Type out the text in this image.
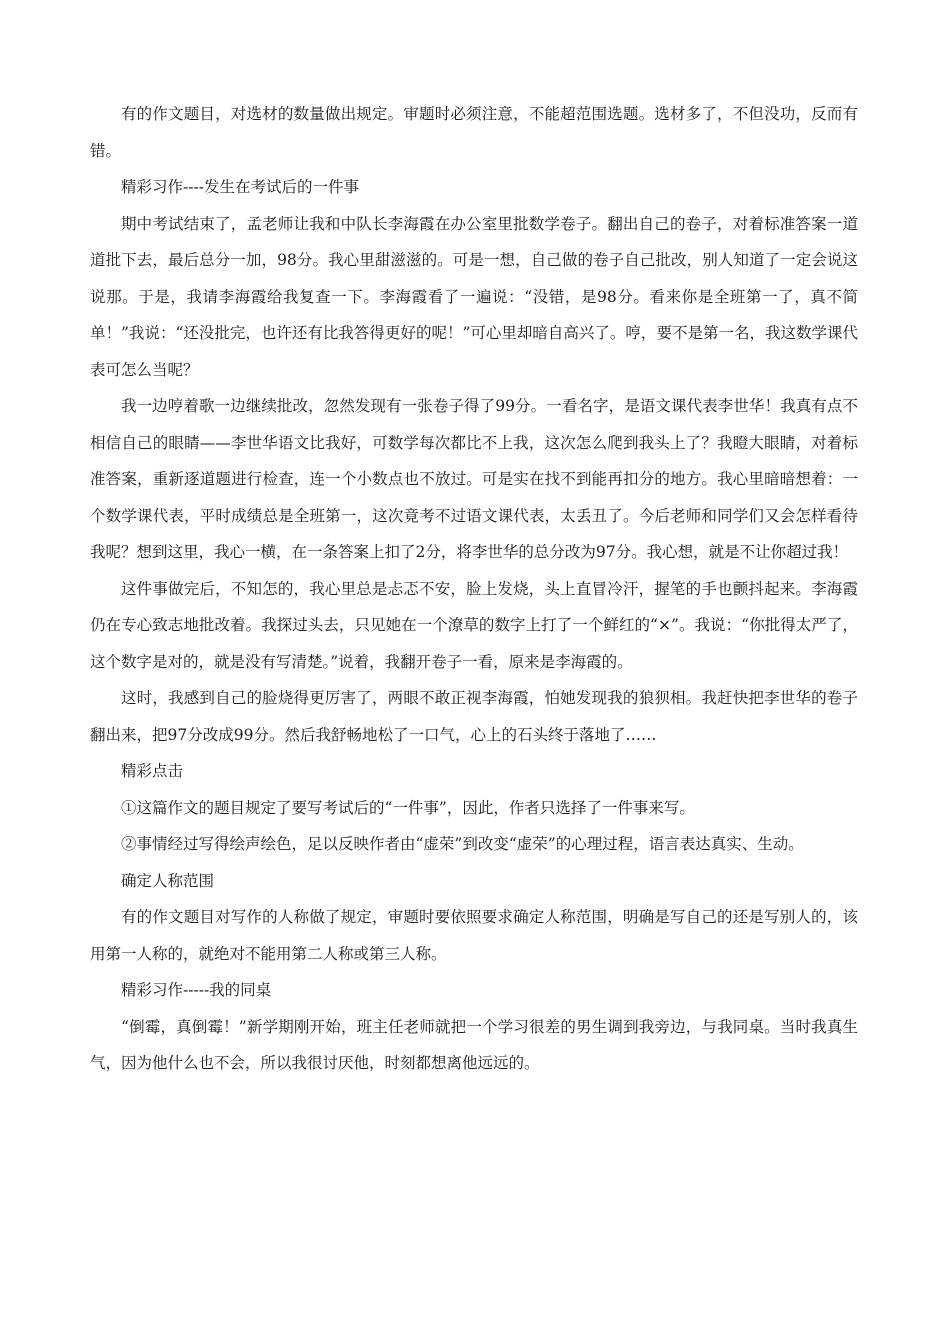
有的作文题目，对选材的数量做出规定。审题时必须注意，不能超范围选题。选材多了，不但没功，反而有错。

精彩习作----发生在考试后的一件事

期中考试结束了，孟老师让我和中队长李海霞在办公室里批数学卷子。翻出自己的卷子，对着标准答案一道道批下去，最后总分一加，98分。我心里甜滋滋的。可是一想，自己做的卷子自己批改，别人知道了一定会说这说那。于是，我请李海霞给我复查一下。李海霞看了一遍说：“没错，是98分。看来你是全班第一了，真不简单！”我说：“还没批完，也许还有比我答得更好的呢！”可心里却暗自高兴了。哼，要不是第一名，我这数学课代表可怎么当呢？

我一边哼着歌一边继续批改，忽然发现有一张卷子得了99分。一看名字，是语文课代表李世华！我真有点不相信自己的眼睛——李世华语文比我好，可数学每次都比不上我，这次怎么爬到我头上了？我瞪大眼睛，对着标准答案，重新逐道题进行检查，连一个小数点也不放过。可是实在找不到能再扣分的地方。我心里暗暗想着：一个数学课代表，平时成绩总是全班第一，这次竟考不过语文课代表，太丢丑了。今后老师和同学们又会怎样看待我呢？想到这里，我心一横，在一条答案上扣了2分，将李世华的总分改为97分。我心想，就是不让你超过我！

这件事做完后，不知怎的，我心里总是忐忑不安，脸上发烧，头上直冒冷汗，握笔的手也颤抖起来。李海霞仍在专心致志地批改着。我探过头去，只见她在一个潦草的数字上打了一个鲜红的“×”。我说：“你批得太严了，这个数字是对的，就是没有写清楚。”说着，我翻开卷子一看，原来是李海霞的。

这时，我感到自己的脸烧得更厉害了，两眼不敢正视李海霞，怕她发现我的狼狈相。我赶快把李世华的卷子翻出来，把97分改成99分。然后我舒畅地松了一口气，心上的石头终于落地了……

精彩点击

①这篇作文的题目规定了要写考试后的“一件事”，因此，作者只选择了一件事来写。

②事情经过写得绘声绘色，足以反映作者由“虚荣”到改变“虚荣”的心理过程，语言表达真实、生动。

确定人称范围

有的作文题目对写作的人称做了规定，审题时要依照要求确定人称范围，明确是写自己的还是写别人的，该用第一人称的，就绝对不能用第二人称或第三人称。

精彩习作-----我的同桌

“倒霉，真倒霉！”新学期刚开始，班主任老师就把一个学习很差的男生调到我旁边，与我同桌。当时我真生气，因为他什么也不会，所以我很讨厌他，时刻都想离他远远的。
